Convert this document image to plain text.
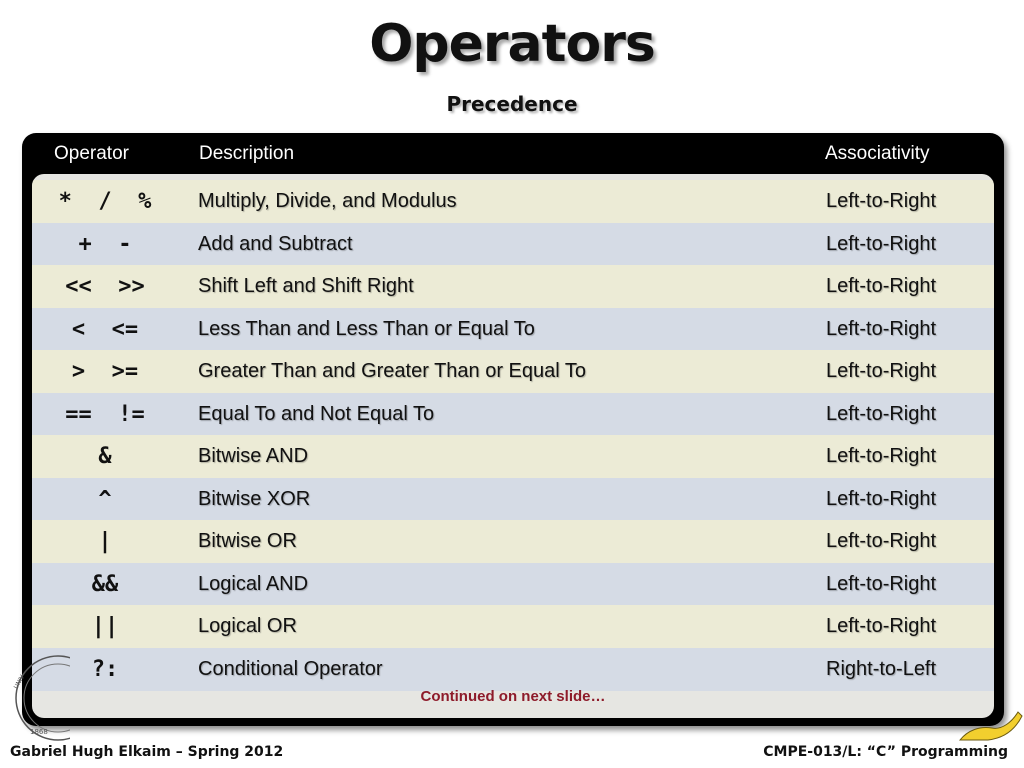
Operators
Precedence
Operator	Description	Associativity
*  /  %	Multiply, Divide, and Modulus	Left-to-Right
+  -	Add and Subtract	Left-to-Right
<<  >>	Shift Left and Shift Right	Left-to-Right
<  <=	Less Than and Less Than or Equal To	Left-to-Right
>  >=	Greater Than and Greater Than or Equal To	Left-to-Right
==  !=	Equal To and Not Equal To	Left-to-Right
&	Bitwise AND	Left-to-Right
^	Bitwise XOR	Left-to-Right
|	Bitwise OR	Left-to-Right
&&	Logical AND	Left-to-Right
||	Logical OR	Left-to-Right
?:	Conditional Operator	Right-to-Left
Continued on next slide…
1868
UNIV
Gabriel Hugh Elkaim – Spring 2012	CMPE-013/L: “C” Programming
